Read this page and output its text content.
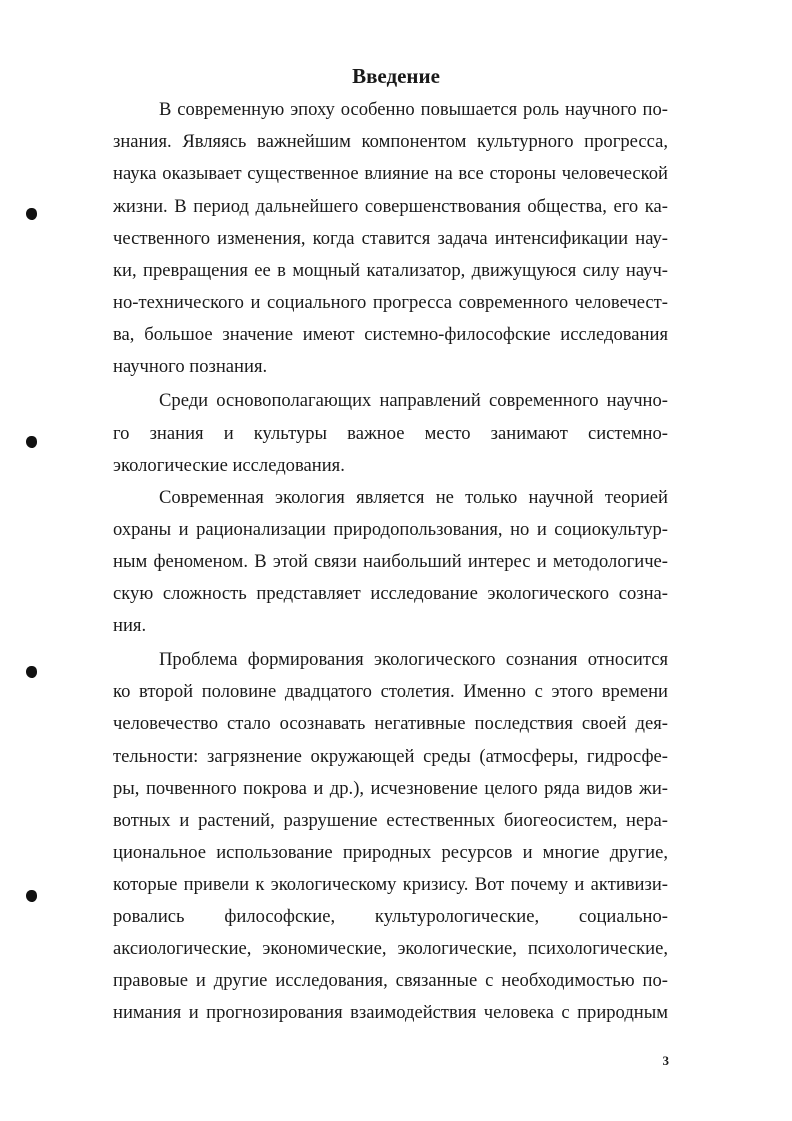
Введение
В современную эпоху особенно повышается роль научного по-
знания. Являясь важнейшим компонентом культурного прогресса,
наука оказывает существенное влияние на все стороны человеческой
жизни. В период дальнейшего совершенствования общества, его ка-
чественного изменения, когда ставится задача интенсификации нау-
ки, превращения ее в мощный катализатор, движущуюся силу науч-
но-технического и социального прогресса современного человечест-
ва, большое значение имеют системно-философские исследования
научного познания.
Среди основополагающих направлений современного научно-
го знания и культуры важное место занимают системно-
экологические исследования.
Современная экология является не только научной теорией
охраны и рационализации природопользования, но и социокультур-
ным феноменом. В этой связи наибольший интерес и методологиче-
скую сложность представляет исследование экологического созна-
ния.
Проблема формирования экологического сознания относится
ко второй половине двадцатого столетия. Именно с этого времени
человечество стало осознавать негативные последствия своей дея-
тельности: загрязнение окружающей среды (атмосферы, гидросфе-
ры, почвенного покрова и др.), исчезновение целого ряда видов жи-
вотных и растений, разрушение естественных биогеосистем, нера-
циональное использование природных ресурсов и многие другие,
которые привели к экологическому кризису. Вот почему и активизи-
ровались философские, культурологические, социально-
аксиологические, экономические, экологические, психологические,
правовые и другие исследования, связанные с необходимостью по-
нимания и прогнозирования взаимодействия человека с природным
3
